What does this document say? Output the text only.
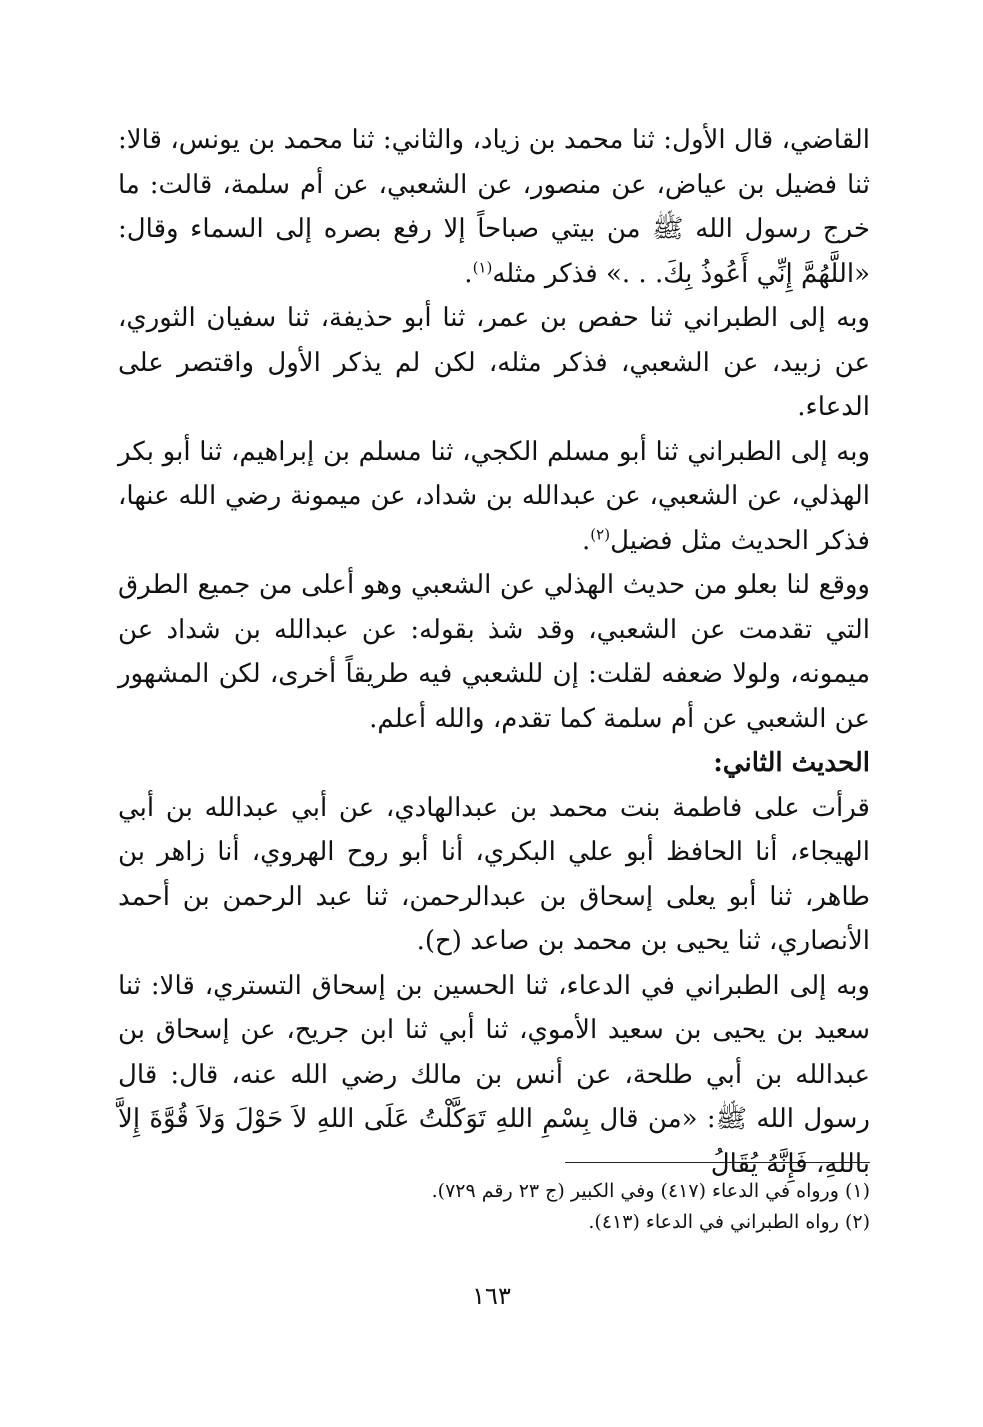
القاضي، قال الأول: ثنا محمد بن زياد، والثاني: ثنا محمد بن يونس، قالا: ثنا فضيل بن عياض، عن منصور، عن الشعبي، عن أم سلمة، قالت: ما خرج رسول الله ﷺ من بيتي صباحاً إلا رفع بصره إلى السماء وقال: «اللَّهُمَّ إِنِّي أَعُوذُ بِكَ. . .» فذكر مثله$^{(١)}$.

وبه إلى الطبراني ثنا حفص بن عمر، ثنا أبو حذيفة، ثنا سفيان الثوري، عن زبيد، عن الشعبي، فذكر مثله، لكن لم يذكر الأول واقتصر على الدعاء.

وبه إلى الطبراني ثنا أبو مسلم الكجي، ثنا مسلم بن إبراهيم، ثنا أبو بكر الهذلي، عن الشعبي، عن عبدالله بن شداد، عن ميمونة رضي الله عنها، فذكر الحديث مثل فضيل$^{(٢)}$.

ووقع لنا بعلو من حديث الهذلي عن الشعبي وهو أعلى من جميع الطرق التي تقدمت عن الشعبي، وقد شذ بقوله: عن عبدالله بن شداد عن ميمونه، ولولا ضعفه لقلت: إن للشعبي فيه طريقاً أخرى، لكن المشهور عن الشعبي عن أم سلمة كما تقدم، والله أعلم.

الحديث الثاني:

قرأت على فاطمة بنت محمد بن عبدالهادي، عن أبي عبدالله بن أبي الهيجاء، أنا الحافظ أبو علي البكري، أنا أبو روح الهروي، أنا زاهر بن طاهر، ثنا أبو يعلى إسحاق بن عبدالرحمن، ثنا عبد الرحمن بن أحمد الأنصاري، ثنا يحيى بن محمد بن صاعد (ح).

وبه إلى الطبراني في الدعاء، ثنا الحسين بن إسحاق التستري، قالا: ثنا سعيد بن يحيى بن سعيد الأموي، ثنا أبي ثنا ابن جريح، عن إسحاق بن عبدالله بن أبي طلحة، عن أنس بن مالك رضي الله عنه، قال: قال رسول الله ﷺ: «من قال بِسْمِ اللهِ تَوَكَّلْتُ عَلَى اللهِ لاَ حَوْلَ وَلاَ قُوَّةَ إِلاَّ باللهِ، فَإِنَّهُ يُقَالُ

(١) ورواه في الدعاء (٤١٧) وفي الكبير (ج ٢٣ رقم ٧٢٩).

(٢) رواه الطبراني في الدعاء (٤١٣).

١٦٣
